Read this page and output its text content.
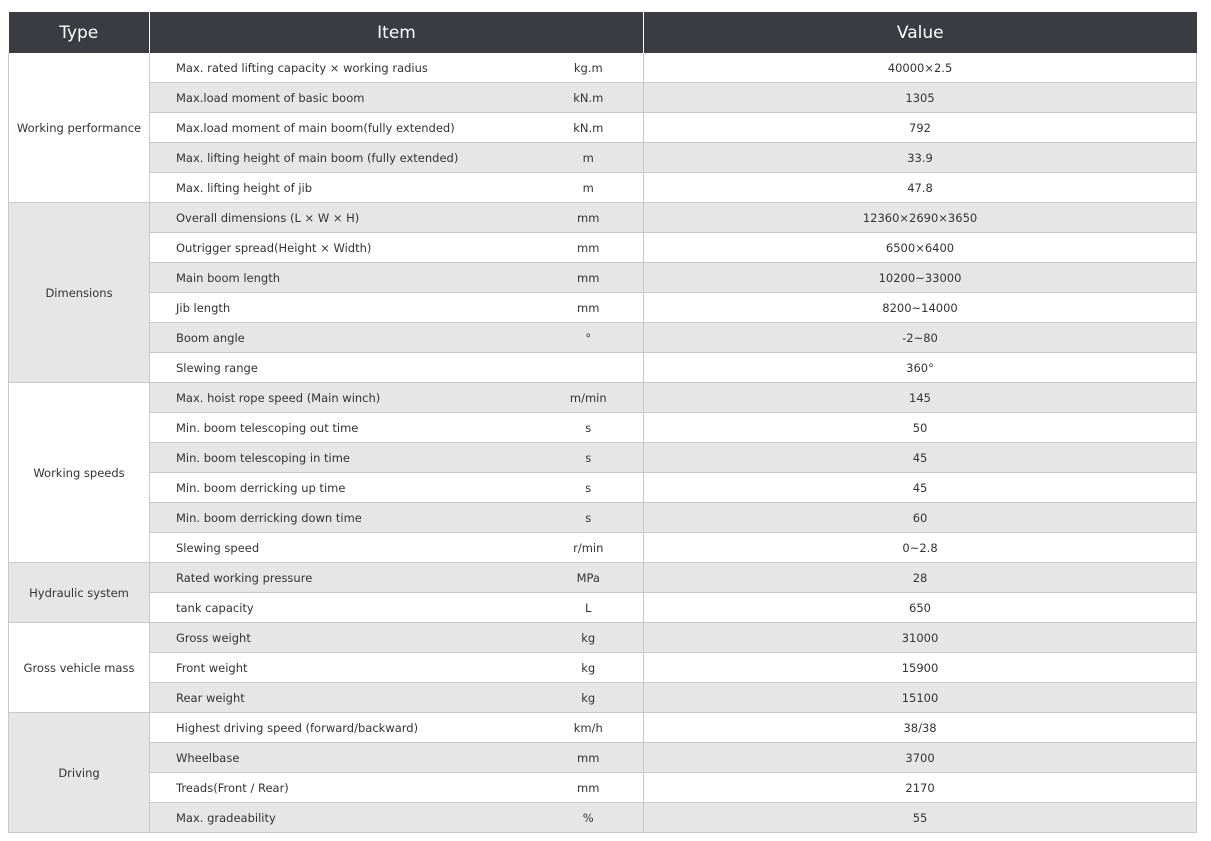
Type	Item		Value
Working performance	Max. rated lifting capacity × working radius	kg.m	40000×2.5
	Max.load moment of basic boom	kN.m	1305
	Max.load moment of main boom(fully extended)	kN.m	792
	Max. lifting height of main boom (fully extended)	m	33.9
	Max. lifting height of jib	m	47.8
Dimensions	Overall dimensions (L × W × H)	mm	12360×2690×3650
	Outrigger spread(Height × Width)	mm	6500×6400
	Main boom length	mm	10200~33000
	Jib length	mm	8200~14000
	Boom angle	°	-2~80
	Slewing range		360°
Working speeds	Max. hoist rope speed (Main winch)	m/min	145
	Min. boom telescoping out time	s	50
	Min. boom telescoping in time	s	45
	Min. boom derricking up time	s	45
	Min. boom derricking down time	s	60
	Slewing speed	r/min	0~2.8
Hydraulic system	Rated working pressure	MPa	28
	tank capacity	L	650
Gross vehicle mass	Gross weight	kg	31000
	Front weight	kg	15900
	Rear weight	kg	15100
Driving	Highest driving speed (forward/backward)	km/h	38/38
	Wheelbase	mm	3700
	Treads(Front / Rear)	mm	2170
	Max. gradeability	%	55
